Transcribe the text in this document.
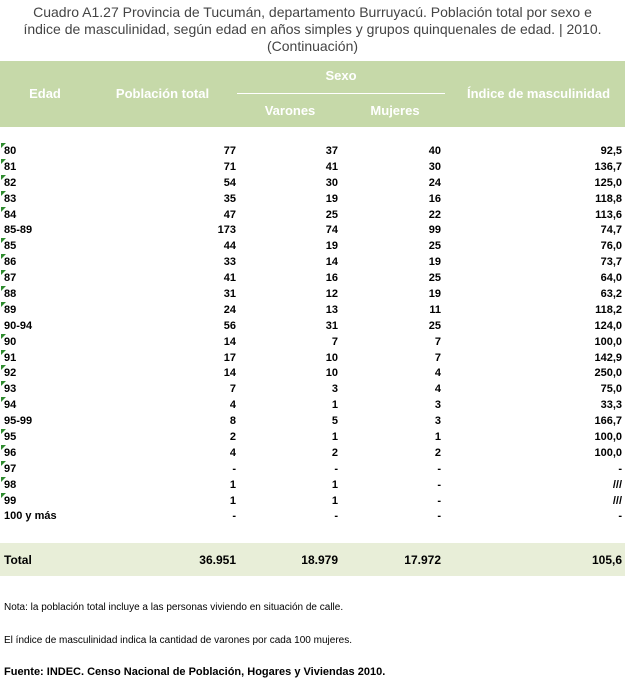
Cuadro A1.27 Provincia de Tucumán, departamento Burruyacú. Población total por sexo e
índice de masculinidad, según edad en años simples y grupos quinquenales de edad. | 2010.
(Continuación)
Edad	Población total
Sexo
Varones	Mujeres
Índice de masculinidad
80	77	37	40	92,5
81	71	41	30	136,7
82	54	30	24	125,0
83	35	19	16	118,8
84	47	25	22	113,6
85-89	173	74	99	74,7
85	44	19	25	76,0
86	33	14	19	73,7
87	41	16	25	64,0
88	31	12	19	63,2
89	24	13	11	118,2
90-94	56	31	25	124,0
90	14	7	7	100,0
91	17	10	7	142,9
92	14	10	4	250,0
93	7	3	4	75,0
94	4	1	3	33,3
95-99	8	5	3	166,7
95	2	1	1	100,0
96	4	2	2	100,0
97	-	-	-	-
98	1	1	-	///
99	1	1	-	///
100 y más	-	-	-	-
Total	36.951	18.979	17.972	105,6
Nota: la población total incluye a las personas viviendo en situación de calle.
El índice de masculinidad indica la cantidad de varones por cada 100 mujeres.
Fuente: INDEC. Censo Nacional de Población, Hogares y Viviendas 2010.
